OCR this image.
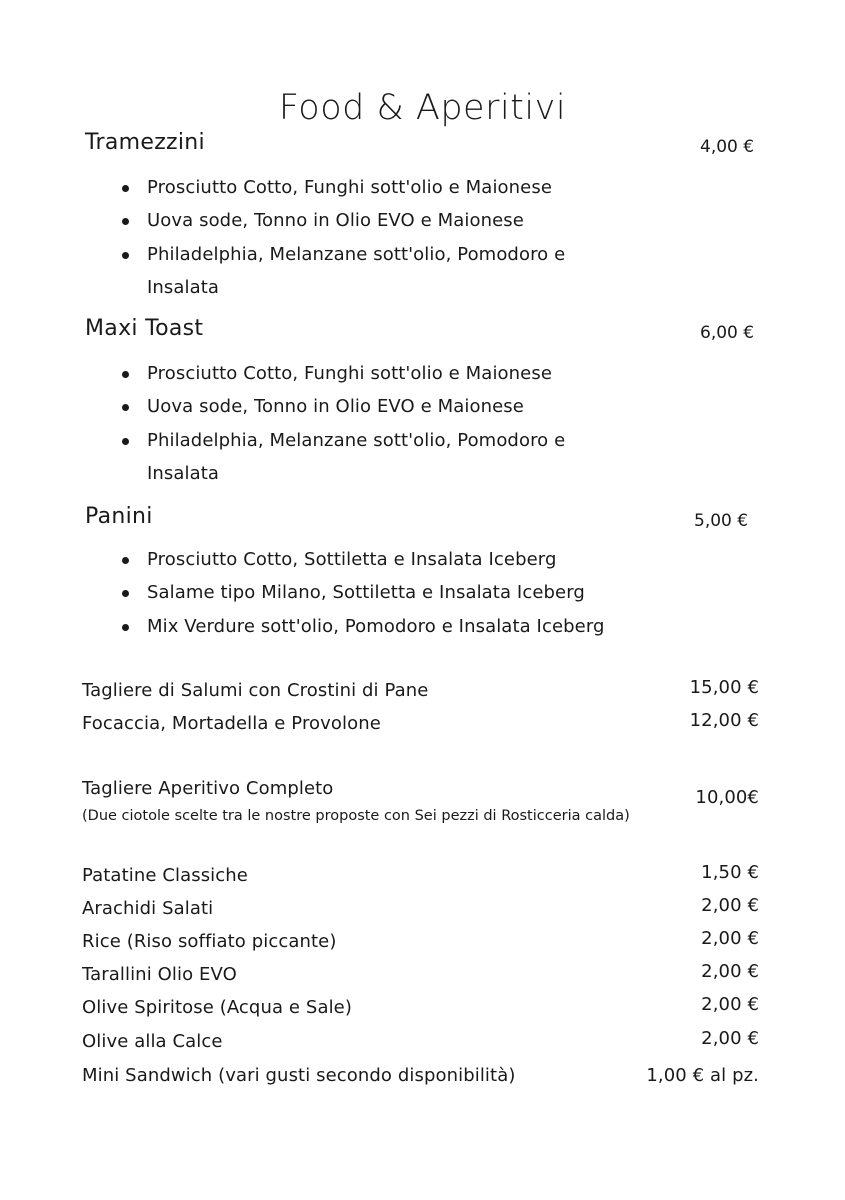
Food & Aperitivi
Tramezzini	4,00 €
Prosciutto Cotto, Funghi sott'olio e Maionese
Uova sode, Tonno in Olio EVO e Maionese
Philadelphia, Melanzane sott'olio, Pomodoro e Insalata
Maxi Toast	6,00 €
Prosciutto Cotto, Funghi sott'olio e Maionese
Uova sode, Tonno in Olio EVO e Maionese
Philadelphia, Melanzane sott'olio, Pomodoro e Insalata
Panini	5,00 €
Prosciutto Cotto, Sottiletta e Insalata Iceberg
Salame tipo Milano, Sottiletta e Insalata Iceberg
Mix Verdure sott'olio, Pomodoro e Insalata Iceberg
Tagliere di Salumi con Crostini di Pane	15,00 €
Focaccia, Mortadella e Provolone	12,00 €
Tagliere Aperitivo Completo	10,00€
(Due ciotole scelte tra le nostre proposte con Sei pezzi di Rosticceria calda)
Patatine Classiche	1,50 €
Arachidi Salati	2,00 €
Rice (Riso soffiato piccante)	2,00 €
Tarallini Olio EVO	2,00 €
Olive Spiritose (Acqua e Sale)	2,00 €
Olive alla Calce	2,00 €
Mini Sandwich (vari gusti secondo disponibilità)	1,00 € al pz.
